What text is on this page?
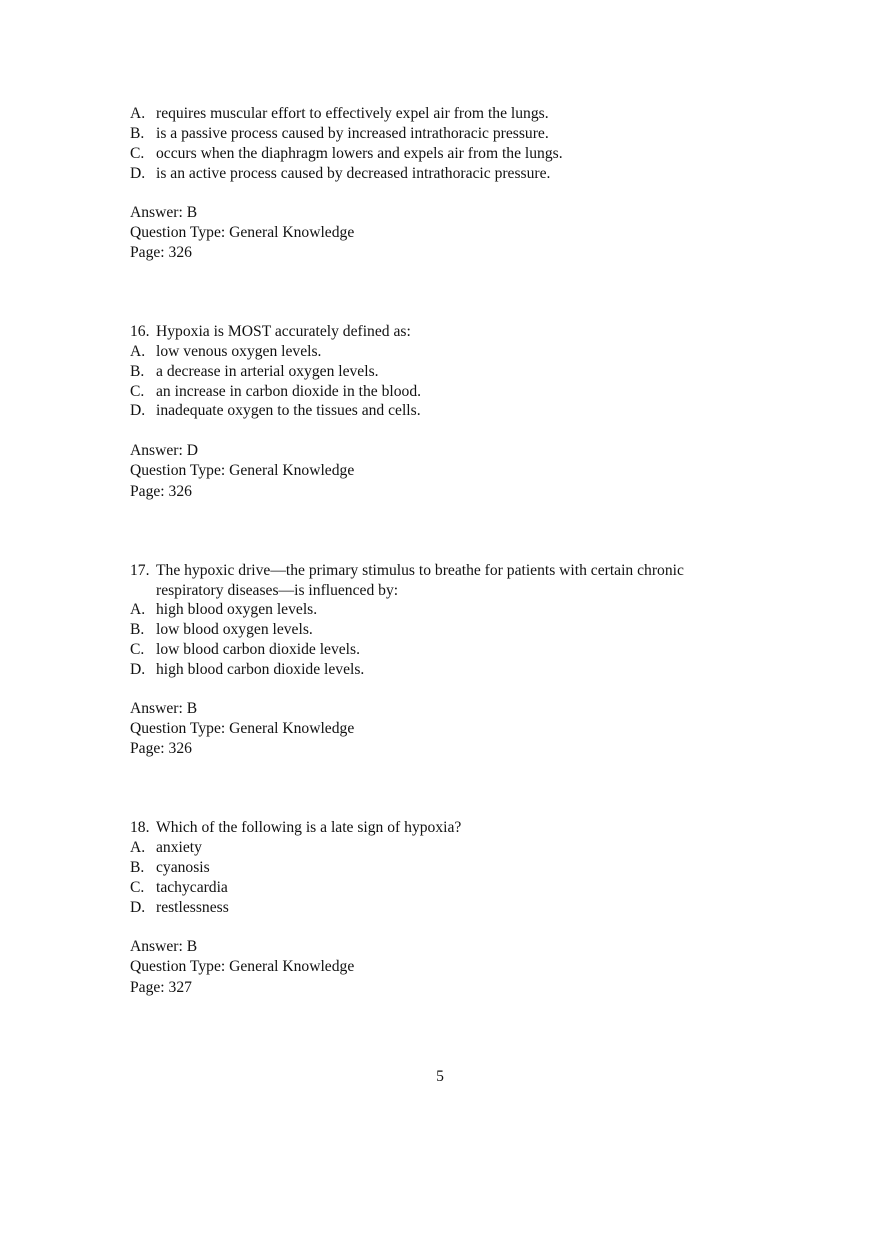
A. requires muscular effort to effectively expel air from the lungs.
B. is a passive process caused by increased intrathoracic pressure.
C. occurs when the diaphragm lowers and expels air from the lungs.
D. is an active process caused by decreased intrathoracic pressure.
Answer: B
Question Type: General Knowledge
Page: 326
16. Hypoxia is MOST accurately defined as:
A. low venous oxygen levels.
B. a decrease in arterial oxygen levels.
C. an increase in carbon dioxide in the blood.
D. inadequate oxygen to the tissues and cells.
Answer: D
Question Type: General Knowledge
Page: 326
17. The hypoxic drive—the primary stimulus to breathe for patients with certain chronic
respiratory diseases—is influenced by:
A. high blood oxygen levels.
B. low blood oxygen levels.
C. low blood carbon dioxide levels.
D. high blood carbon dioxide levels.
Answer: B
Question Type: General Knowledge
Page: 326
18. Which of the following is a late sign of hypoxia?
A. anxiety
B. cyanosis
C. tachycardia
D. restlessness
Answer: B
Question Type: General Knowledge
Page: 327
5
